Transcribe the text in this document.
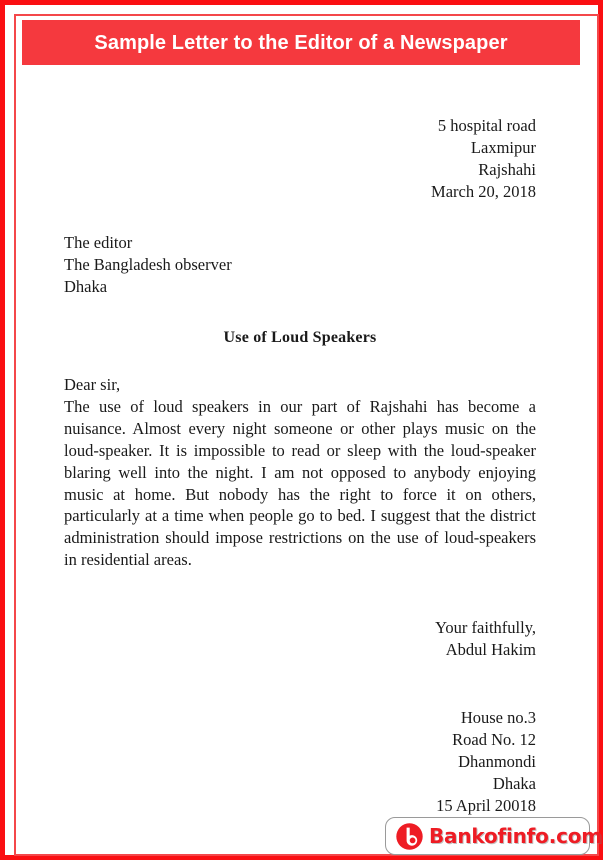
Sample Letter to the Editor of a Newspaper
5 hospital road
Laxmipur
Rajshahi
March 20, 2018
The editor
The Bangladesh observer
Dhaka
Use of Loud Speakers
Dear sir,
The use of loud speakers in our part of Rajshahi has become a nuisance. Almost every night someone or other plays music on the loud-speaker. It is impossible to read or sleep with the loud-speaker blaring well into the night. I am not opposed to anybody enjoying music at home. But nobody has the right to force it on others, particularly at a time when people go to bed. I suggest that the district administration should impose restrictions on the use of loud-speakers in residential areas.
Your faithfully,
Abdul Hakim
House no.3
Road No. 12
Dhanmondi
Dhaka
15 April 20018
Bankofinfo.com
